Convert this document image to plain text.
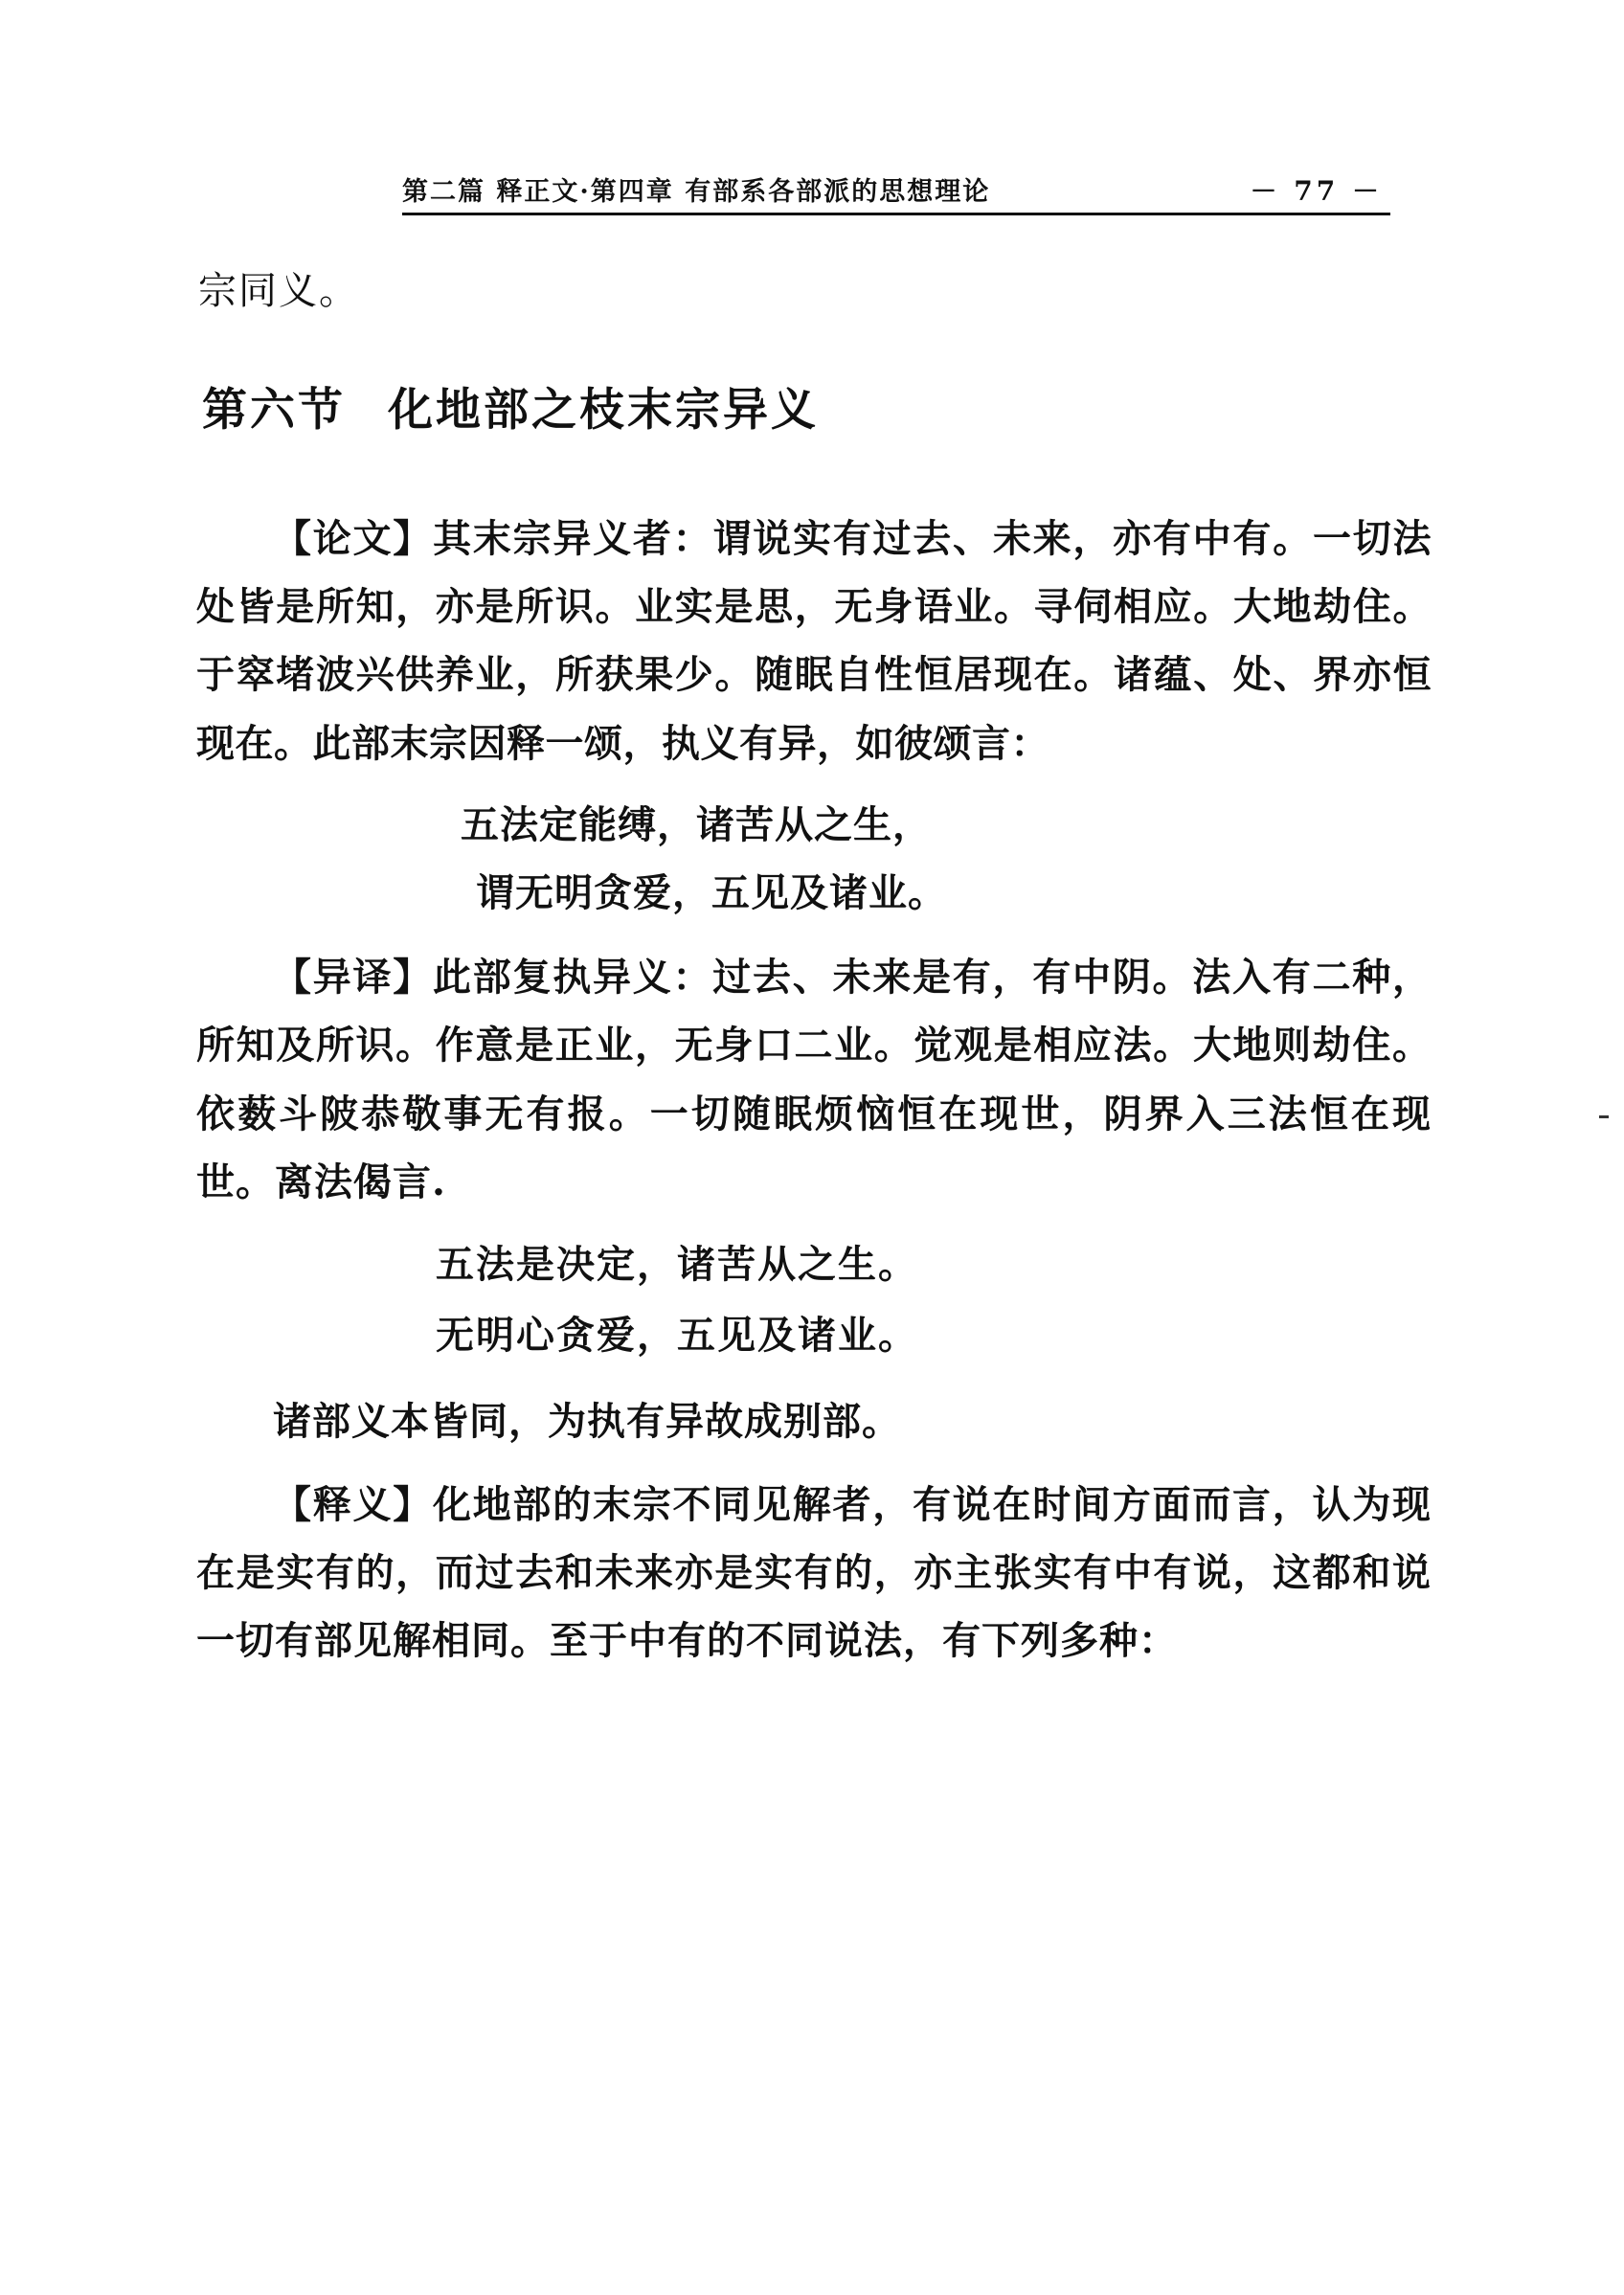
第二篇 释正文·第四章 有部系各部派的思想理论	－ 77 －

宗同义。

第六节 化地部之枝末宗异义

【论文】其末宗异义者：谓说实有过去、未来，亦有中有。一切法处皆是所知，亦是所识。业实是思，无身语业。寻伺相应。大地劫住。于窣堵波兴供养业，所获果少。随眠自性恒居现在。诸蕴、处、界亦恒现在。此部末宗因释一颂，执义有异，如彼颂言：

五法定能缚，诸苦从之生，
谓无明贪爱，五见及诸业。

【异译】此部复执异义：过去、未来是有，有中阴。法入有二种，所知及所识。作意是正业，无身口二业。觉观是相应法。大地则劫住。依薮斗陂恭敬事无有报。一切随眠烦恼恒在现世，阴界入三法恒在现世。离法偈言.

五法是决定，诸苦从之生。
无明心贪爱，五见及诸业。

诸部义本皆同，为执有异故成别部。

【释义】化地部的末宗不同见解者，有说在时间方面而言，认为现在是实有的，而过去和未来亦是实有的，亦主张实有中有说，这都和说一切有部见解相同。至于中有的不同说法，有下列多种：
